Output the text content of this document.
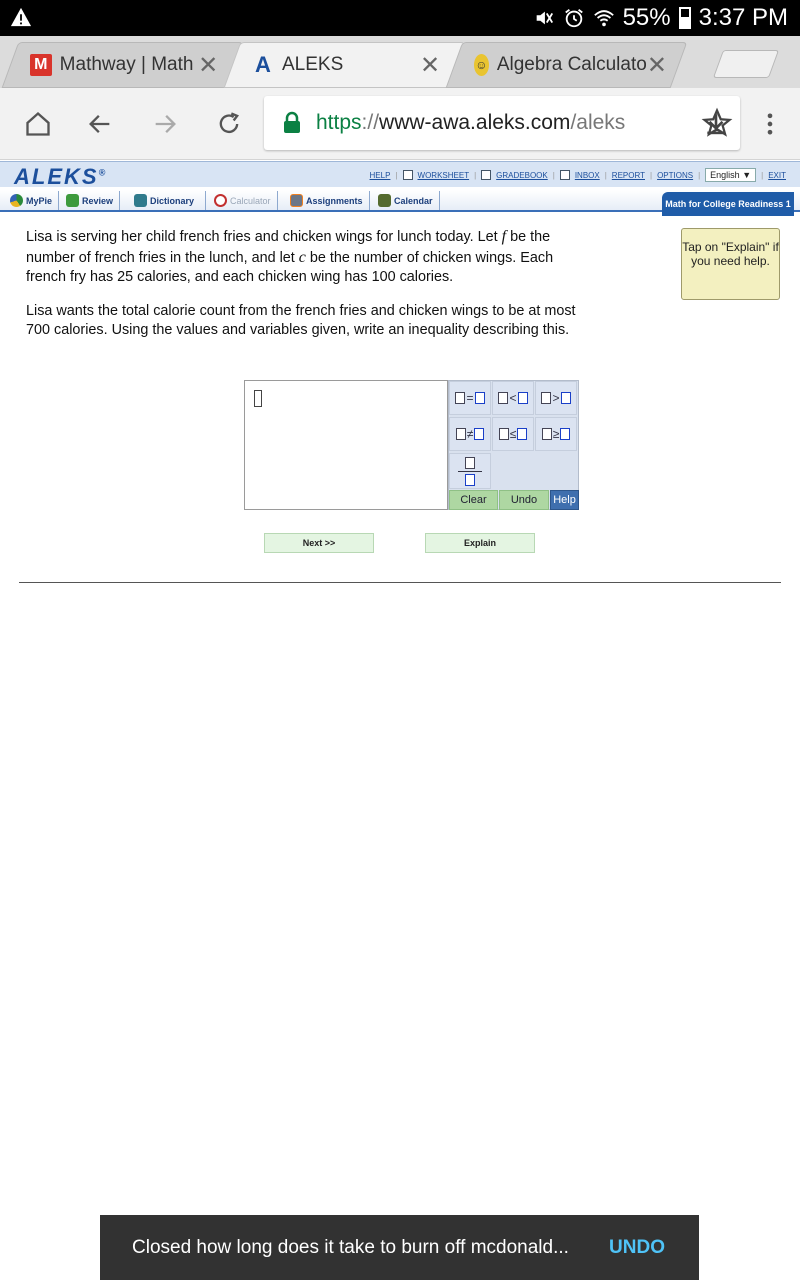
55% 3:37 PM
M Mathway | Math ✕ A ALEKS	✕	☺ Algebra Calculato ✕
https://www-awa.aleks.com/aleks
ALEKS®	HELP |	WORKSHEET |	GRADEBOOK |	INBOX | REPORT | OPTIONS |	English ▼	| EXIT
MyPie	Review	Dictionary	Calculator	Assignments	Calendar	Math for College Readiness 1

Lisa is serving her child french fries and chicken wings for lunch today. Let f be the number of french fries in the lunch, and let c be the number of chicken wings. Each french fry has 25 calories, and each chicken wing has 100 calories.

Lisa wants the total calorie count from the french fries and chicken wings to be at most 700 calories. Using the values and variables given, write an inequality describing this.

Tap on "Explain" if you need help.
=	<	>
≠	≤	≥
Clear	Undo	Help
Next >>	Explain
Closed how long does it take to burn off mcdonald...	UNDO
